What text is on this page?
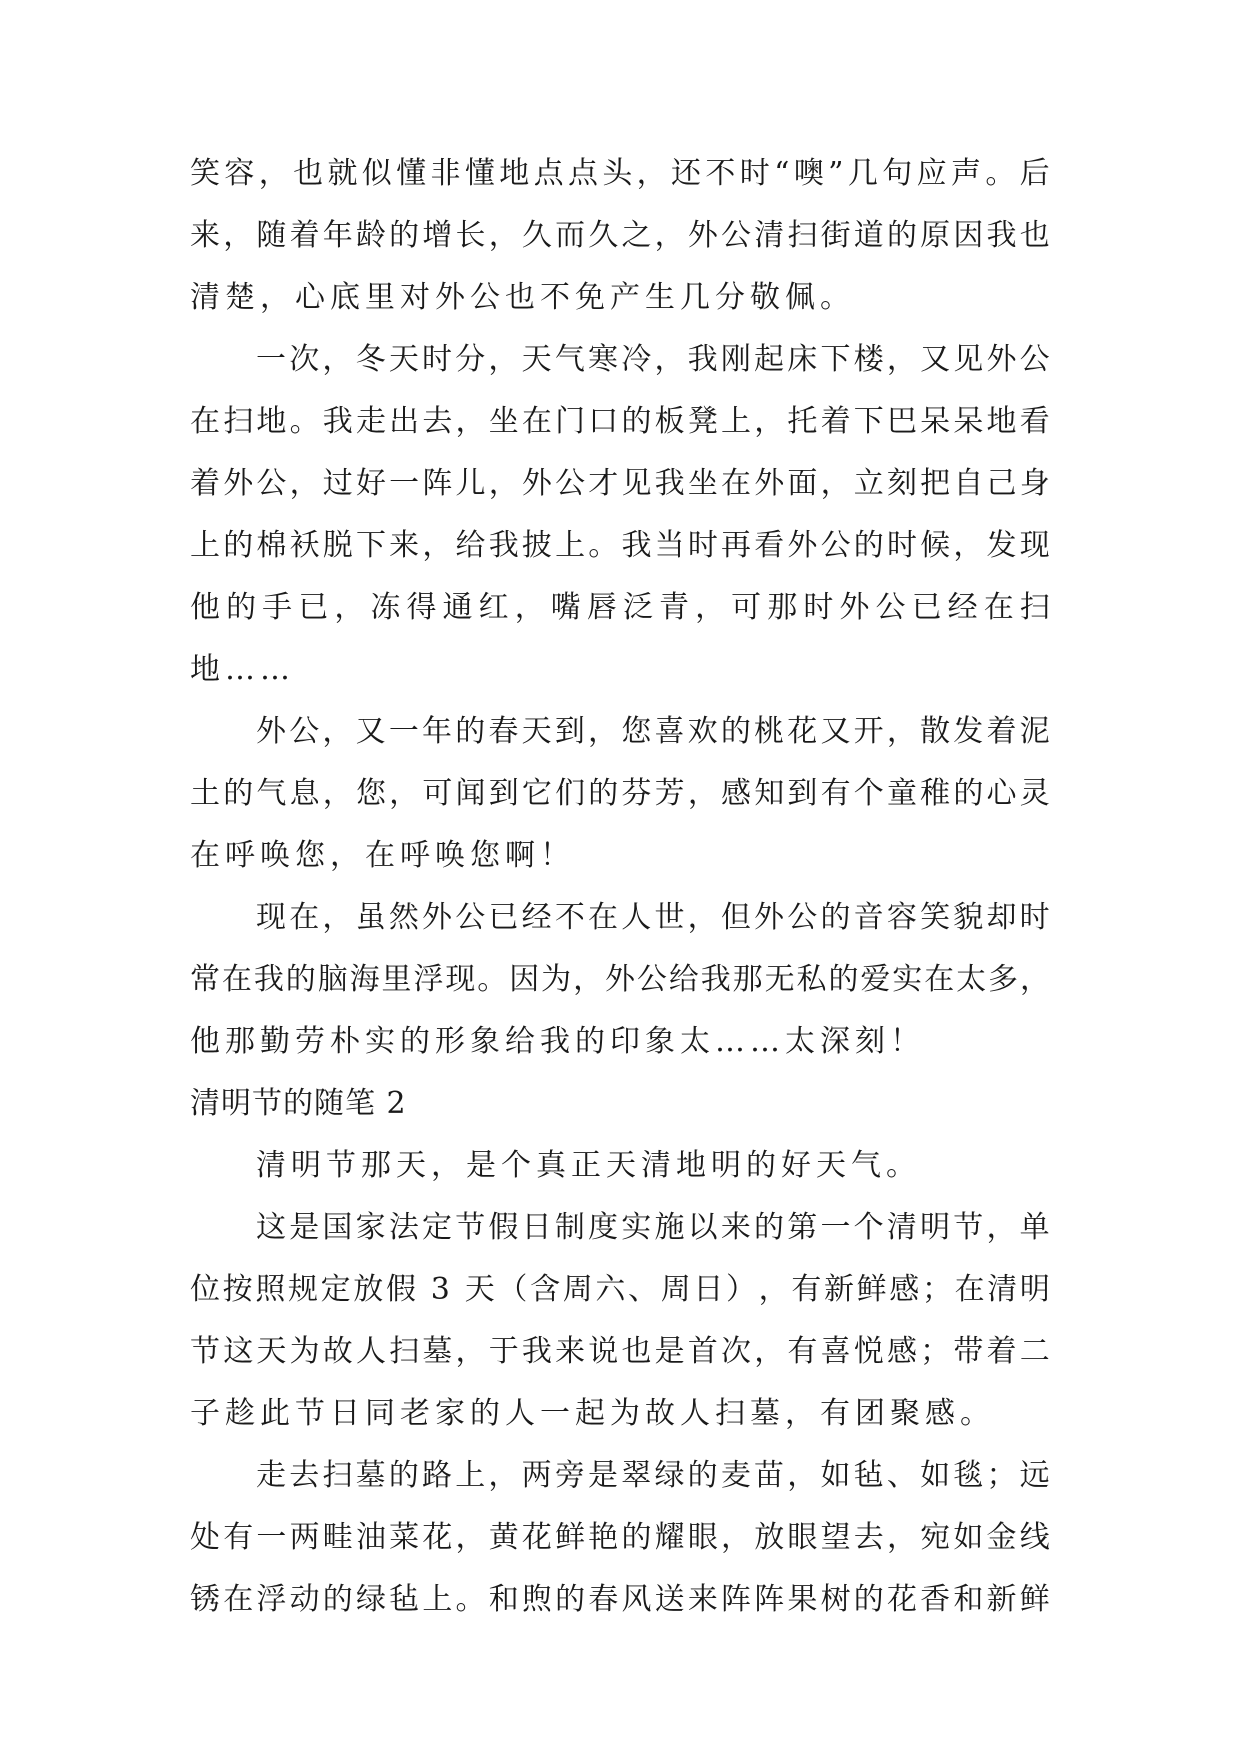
笑 容 ， 也 就 似 懂 非 懂 地 点 点 头 ， 还 不 时 “ 噢 ” 几 句 应 声 。 后
来 ， 随 着 年 龄 的 增 长 ， 久 而 久 之 ， 外 公 清 扫 街 道 的 原 因 我 也
清楚，心底里对外公也不免产生几分敬佩。
一 次 ， 冬 天 时 分 ， 天 气 寒 冷 ， 我 刚 起 床 下 楼 ， 又 见 外 公
在 扫 地 。 我 走 出 去 ， 坐 在 门 口 的 板 凳 上 ， 托 着 下 巴 呆 呆 地 看
着 外 公 ， 过 好 一 阵 儿 ， 外 公 才 见 我 坐 在 外 面 ， 立 刻 把 自 己 身
上 的 棉 袄 脱 下 来 ， 给 我 披 上 。 我 当 时 再 看 外 公 的 时 候 ， 发 现
他 的 手 已 ， 冻 得 通 红 ， 嘴 唇 泛 青 ， 可 那 时 外 公 已 经 在 扫
地……
外 公 ， 又 一 年 的 春 天 到 ， 您 喜 欢 的 桃 花 又 开 ， 散 发 着 泥
土 的 气 息 ， 您 ， 可 闻 到 它 们 的 芬 芳 ， 感 知 到 有 个 童 稚 的 心 灵
在呼唤您，在呼唤您啊！
现 在 ， 虽 然 外 公 已 经 不 在 人 世 ， 但 外 公 的 音 容 笑 貌 却 时
常 在 我 的 脑 海 里 浮 现 。 因 为 ， 外 公 给 我 那 无 私 的 爱 实 在 太 多 ，
他那勤劳朴实的形象给我的印象太……太深刻！
清明节的随笔 2
清明节那天，是个真正天清地明的好天气。
这 是 国 家 法 定 节 假 日 制 度 实 施 以 来 的 第 一 个 清 明 节 ， 单
位 按 照 规 定 放 假
3
天 （ 含 周 六 、 周 日 ） ， 有 新 鲜 感 ； 在 清 明
节 这 天 为 故 人 扫 墓 ， 于 我 来 说 也 是 首 次 ， 有 喜 悦 感 ； 带 着 二
子趁此节日同老家的人一起为故人扫墓，有团聚感。
走 去 扫 墓 的 路 上 ， 两 旁 是 翠 绿 的 麦 苗 ， 如 毡 、 如 毯 ； 远
处 有 一 两 畦 油 菜 花 ， 黄 花 鲜 艳 的 耀 眼 ， 放 眼 望 去 ， 宛 如 金 线
锈 在 浮 动 的 绿 毡 上 。 和 煦 的 春 风 送 来 阵 阵 果 树 的 花 香 和 新 鲜
